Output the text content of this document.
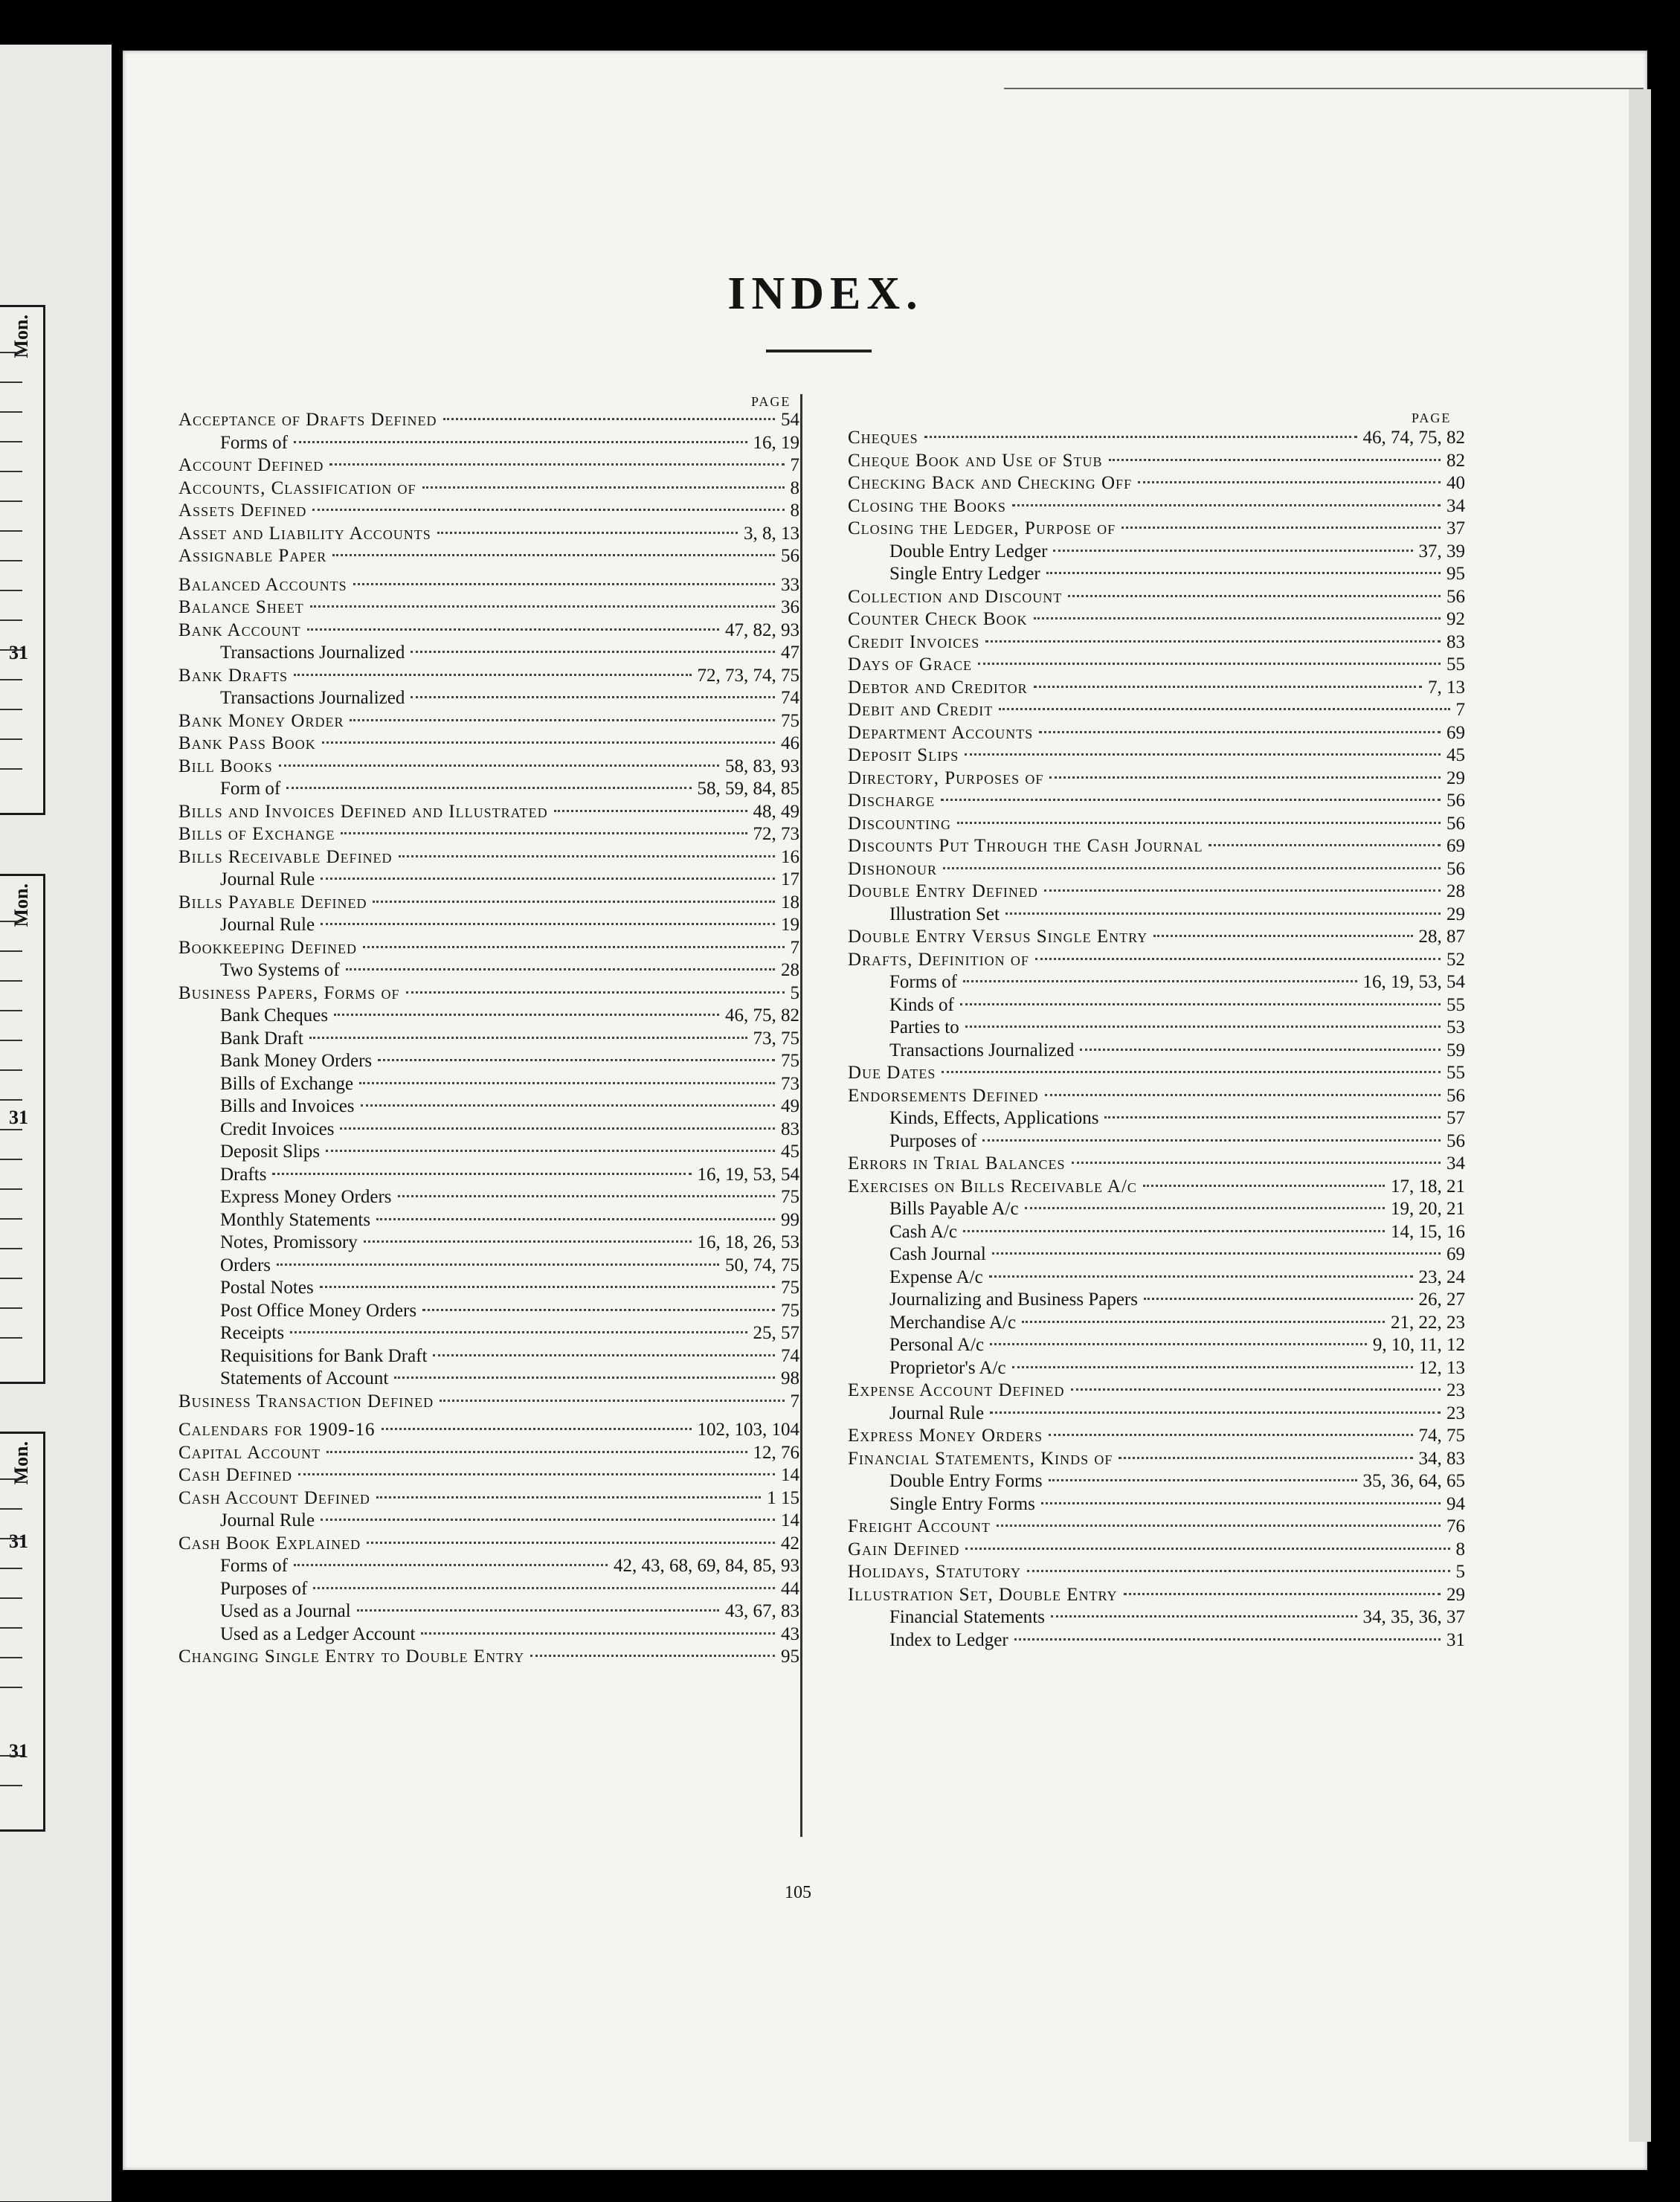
Mon.
31
Mon.
31
Mon.
31
31
INDEX.
PAGE
PAGE
Acceptance of Drafts Defined	54
Forms of	16, 19
Account Defined	7
Accounts, Classification of	8
Assets Defined	8
Asset and Liability Accounts	3, 8, 13
Assignable Paper	56
Balanced Accounts	33
Balance Sheet	36
Bank Account	47, 82, 93
Transactions Journalized	47
Bank Drafts	72, 73, 74, 75
Transactions Journalized	74
Bank Money Order	75
Bank Pass Book	46
Bill Books	58, 83, 93
Form of	58, 59, 84, 85
Bills and Invoices Defined and Illustrated	48, 49
Bills of Exchange	72, 73
Bills Receivable Defined	16
Journal Rule	17
Bills Payable Defined	18
Journal Rule	19
Bookkeeping Defined	7
Two Systems of	28
Business Papers, Forms of	5
Bank Cheques	46, 75, 82
Bank Draft	73, 75
Bank Money Orders	75
Bills of Exchange	73
Bills and Invoices	49
Credit Invoices	83
Deposit Slips	45
Drafts	16, 19, 53, 54
Express Money Orders	75
Monthly Statements	99
Notes, Promissory	16, 18, 26, 53
Orders	50, 74, 75
Postal Notes	75
Post Office Money Orders	75
Receipts	25, 57
Requisitions for Bank Draft	74
Statements of Account	98
Business Transaction Defined	7
Calendars for 1909-16	102, 103, 104
Capital Account	12, 76
Cash Defined	14
Cash Account Defined	1 15
Journal Rule	14
Cash Book Explained	42
Forms of	42, 43, 68, 69, 84, 85, 93
Purposes of	44
Used as a Journal	43, 67, 83
Used as a Ledger Account	43
Changing Single Entry to Double Entry	95
Cheques	46, 74, 75, 82
Cheque Book and Use of Stub	82
Checking Back and Checking Off	40
Closing the Books	34
Closing the Ledger, Purpose of	37
Double Entry Ledger	37, 39
Single Entry Ledger	95
Collection and Discount	56
Counter Check Book	92
Credit Invoices	83
Days of Grace	55
Debtor and Creditor	7, 13
Debit and Credit	7
Department Accounts	69
Deposit Slips	45
Directory, Purposes of	29
Discharge	56
Discounting	56
Discounts Put Through the Cash Journal	69
Dishonour	56
Double Entry Defined	28
Illustration Set	29
Double Entry Versus Single Entry	28, 87
Drafts, Definition of	52
Forms of	16, 19, 53, 54
Kinds of	55
Parties to	53
Transactions Journalized	59
Due Dates	55
Endorsements Defined	56
Kinds, Effects, Applications	57
Purposes of	56
Errors in Trial Balances	34
Exercises on Bills Receivable A/c	17, 18, 21
Bills Payable A/c	19, 20, 21
Cash A/c	14, 15, 16
Cash Journal	69
Expense A/c	23, 24
Journalizing and Business Papers	26, 27
Merchandise A/c	21, 22, 23
Personal A/c	9, 10, 11, 12
Proprietor's A/c	12, 13
Expense Account Defined	23
Journal Rule	23
Express Money Orders	74, 75
Financial Statements, Kinds of	34, 83
Double Entry Forms	35, 36, 64, 65
Single Entry Forms	94
Freight Account	76
Gain Defined	8
Holidays, Statutory	5
Illustration Set, Double Entry	29
Financial Statements	34, 35, 36, 37
Index to Ledger	31
105
